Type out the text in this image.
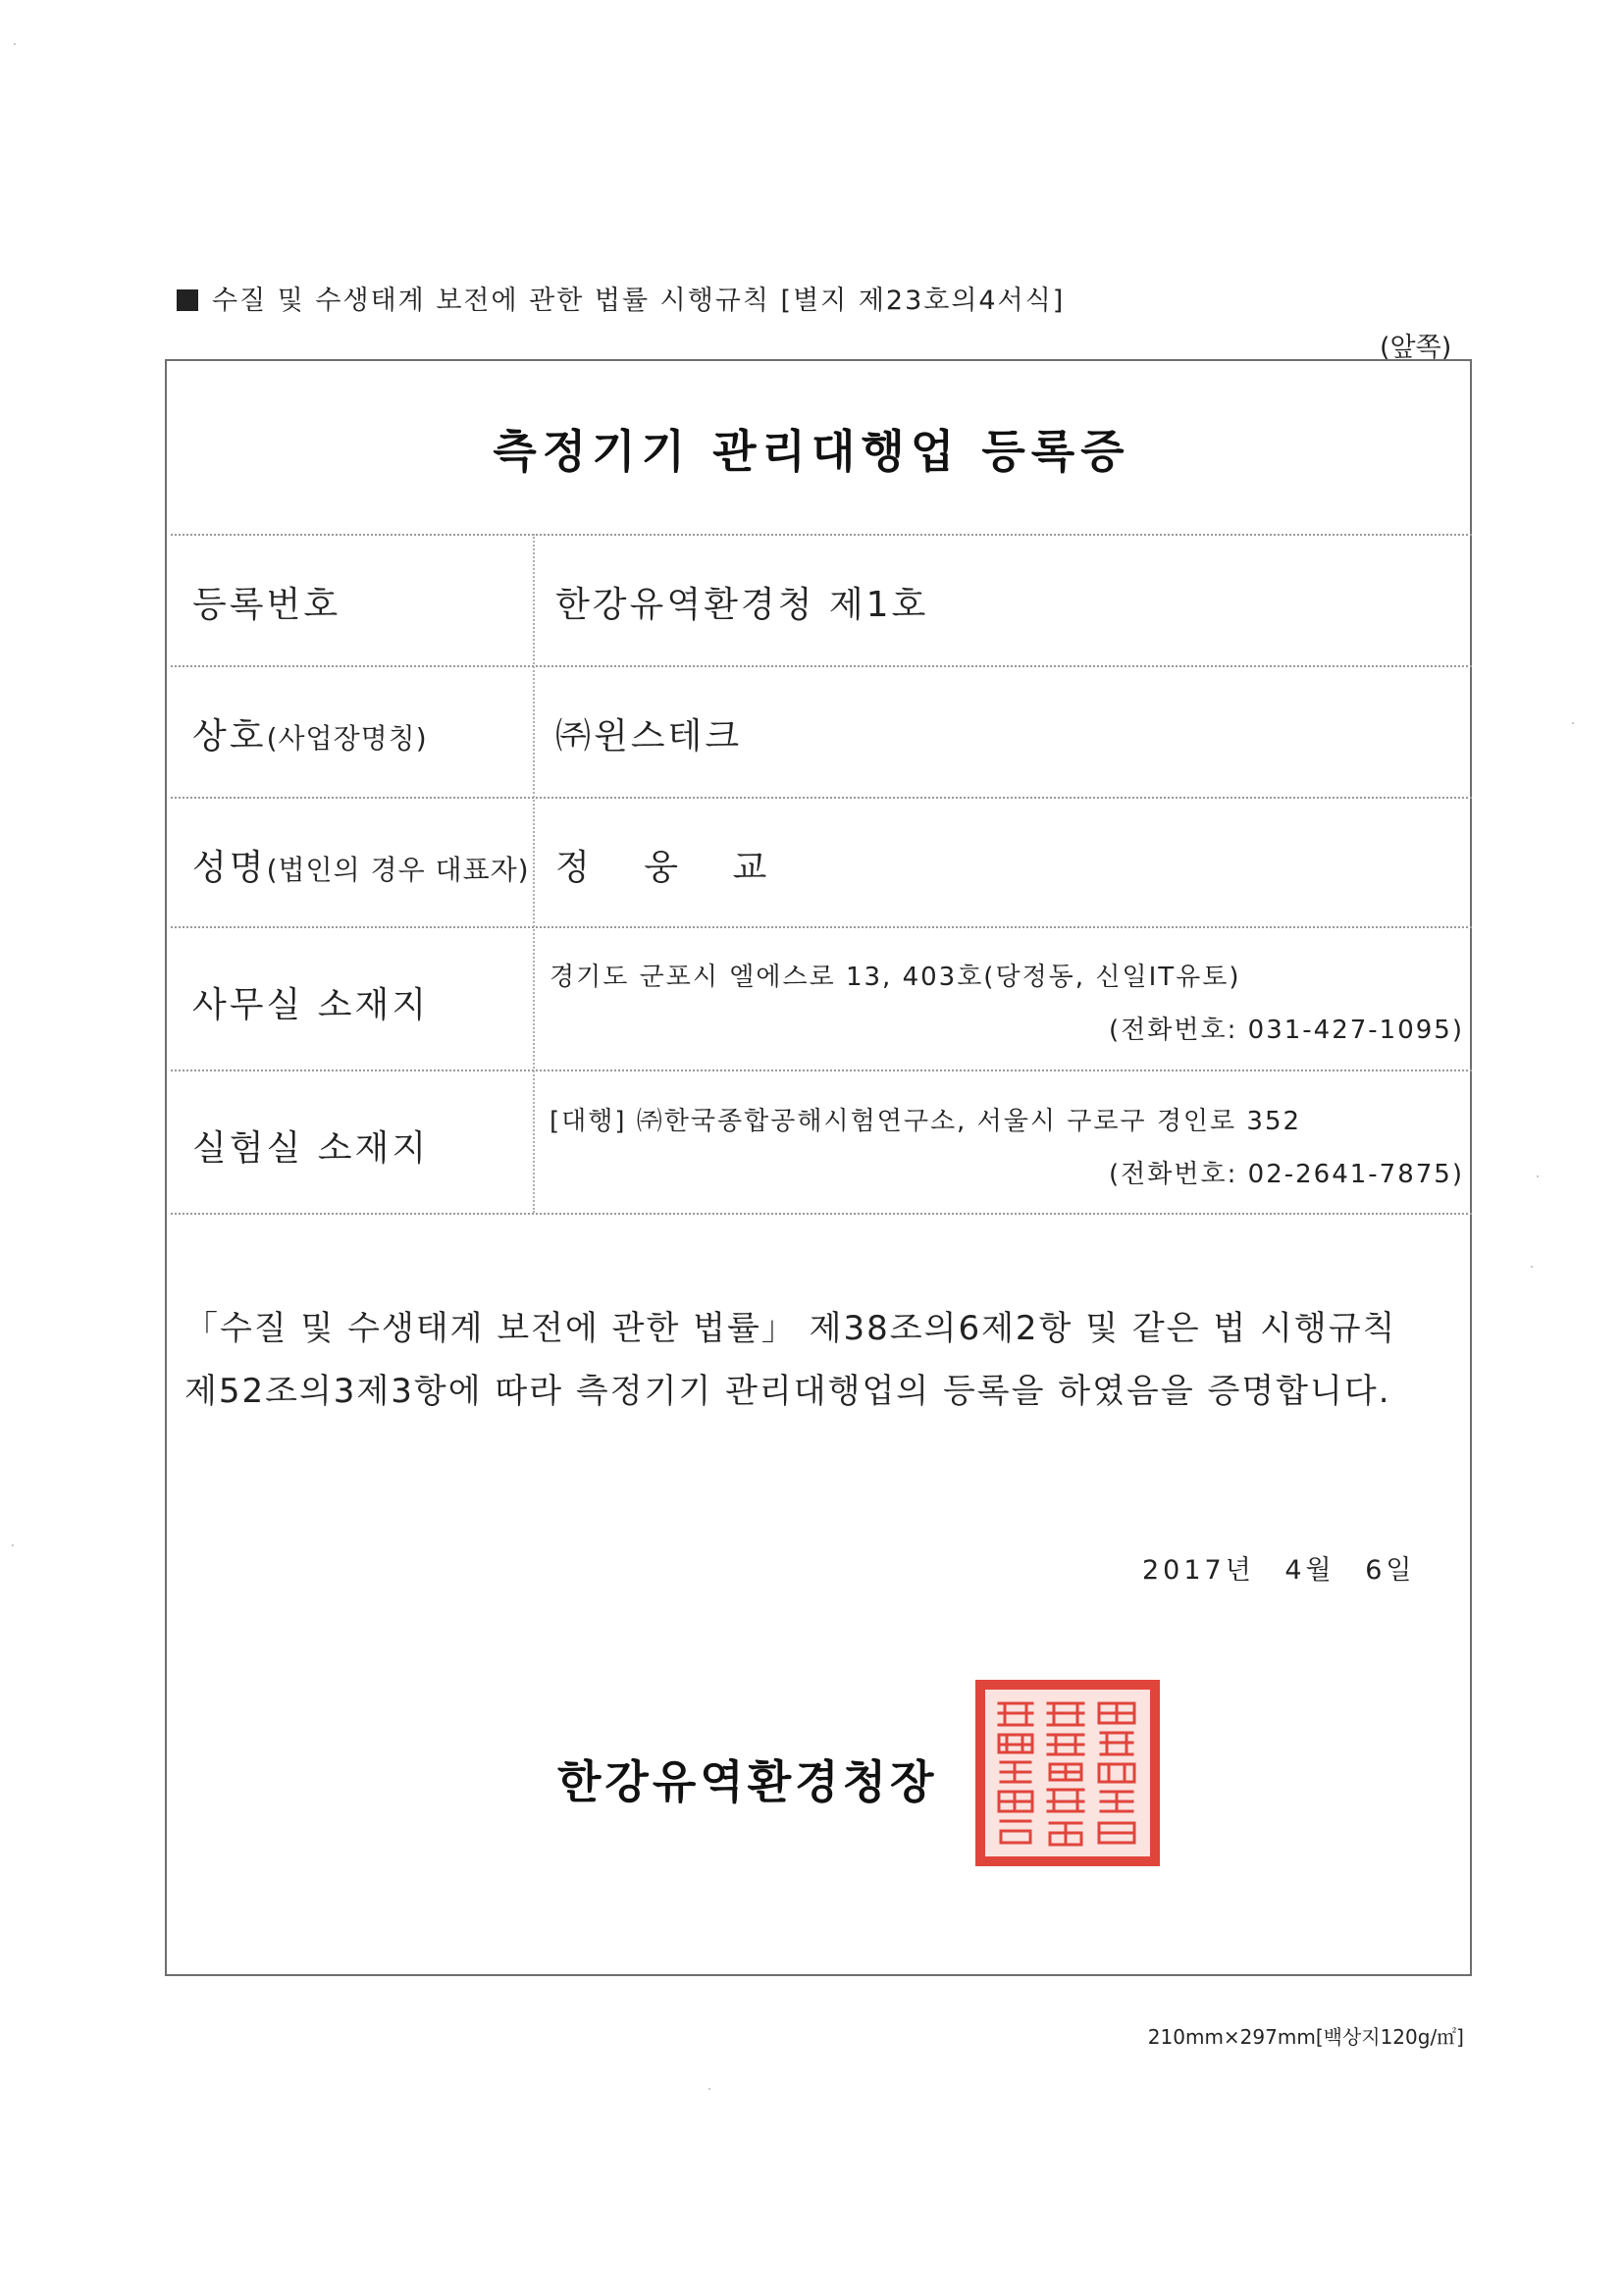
수질 및 수생태계 보전에 관한 법률 시행규칙 [별지 제23호의4서식]
(앞쪽)
측정기기 관리대행업 등록증
등록번호	한강유역환경청 제1호
상호(사업장명칭)	㈜윈스테크
성명(법인의 경우 대표자) 정 웅 교
사무실 소재지
경기도 군포시 엘에스로 13, 403호(당정동, 신일IT유토)
(전화번호: 031-427-1095)
실험실 소재지
[대행] ㈜한국종합공해시험연구소, 서울시 구로구 경인로 352
(전화번호: 02-2641-7875)
「수질 및 수생태계 보전에 관한 법률」 제38조의6제2항 및 같은 법 시행규칙
제52조의3제3항에 따라 측정기기 관리대행업의 등록을 하였음을 증명합니다.
2017년 4월 6일
한강유역환경청장
210mm×297mm[백상지120g/㎡]
